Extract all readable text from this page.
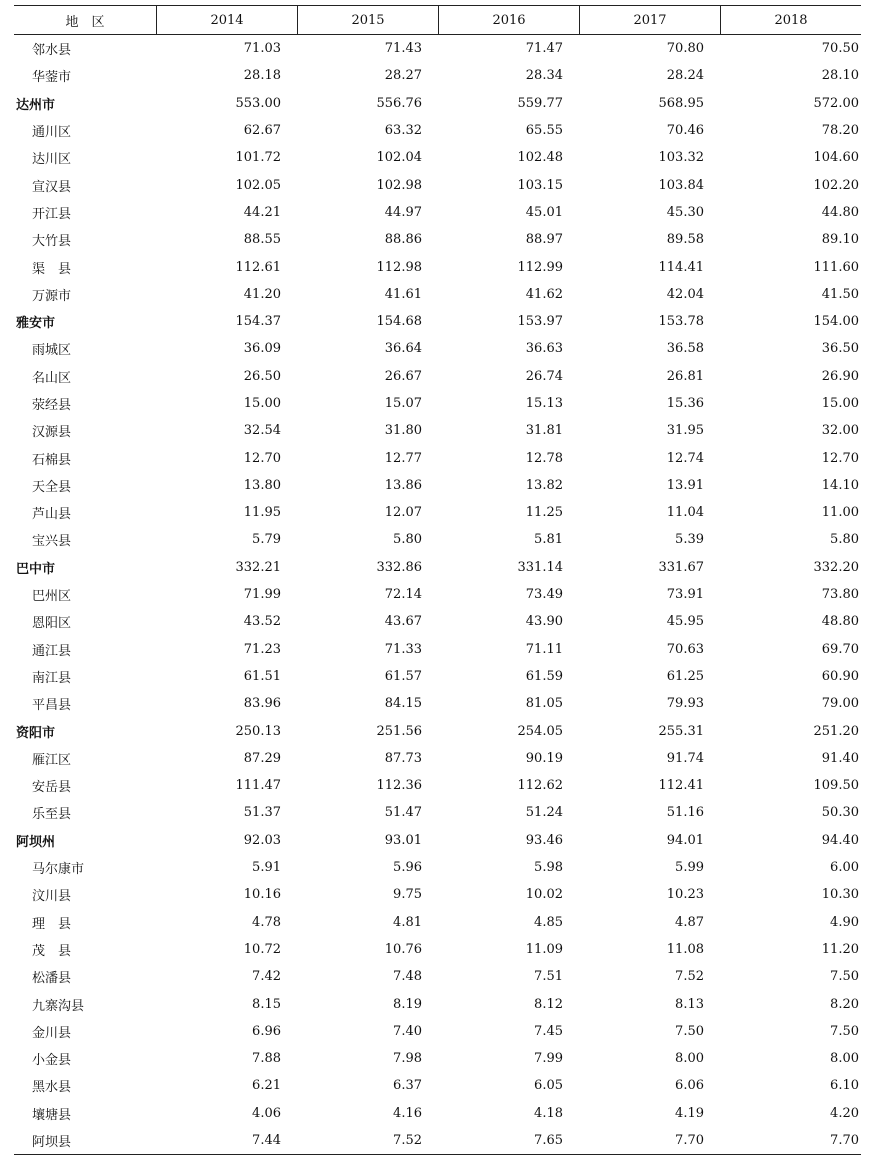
地　区	2014	2015	2016	2017	2018
邻水县	71.03	71.43	71.47	70.80	70.50
华蓥市	28.18	28.27	28.34	28.24	28.10
达州市	553.00	556.76	559.77	568.95	572.00
通川区	62.67	63.32	65.55	70.46	78.20
达川区	101.72	102.04	102.48	103.32	104.60
宣汉县	102.05	102.98	103.15	103.84	102.20
开江县	44.21	44.97	45.01	45.30	44.80
大竹县	88.55	88.86	88.97	89.58	89.10
渠　县	112.61	112.98	112.99	114.41	111.60
万源市	41.20	41.61	41.62	42.04	41.50
雅安市	154.37	154.68	153.97	153.78	154.00
雨城区	36.09	36.64	36.63	36.58	36.50
名山区	26.50	26.67	26.74	26.81	26.90
荥经县	15.00	15.07	15.13	15.36	15.00
汉源县	32.54	31.80	31.81	31.95	32.00
石棉县	12.70	12.77	12.78	12.74	12.70
天全县	13.80	13.86	13.82	13.91	14.10
芦山县	11.95	12.07	11.25	11.04	11.00
宝兴县	5.79	5.80	5.81	5.39	5.80
巴中市	332.21	332.86	331.14	331.67	332.20
巴州区	71.99	72.14	73.49	73.91	73.80
恩阳区	43.52	43.67	43.90	45.95	48.80
通江县	71.23	71.33	71.11	70.63	69.70
南江县	61.51	61.57	61.59	61.25	60.90
平昌县	83.96	84.15	81.05	79.93	79.00
资阳市	250.13	251.56	254.05	255.31	251.20
雁江区	87.29	87.73	90.19	91.74	91.40
安岳县	111.47	112.36	112.62	112.41	109.50
乐至县	51.37	51.47	51.24	51.16	50.30
阿坝州	92.03	93.01	93.46	94.01	94.40
马尔康市	5.91	5.96	5.98	5.99	6.00
汶川县	10.16	9.75	10.02	10.23	10.30
理　县	4.78	4.81	4.85	4.87	4.90
茂　县	10.72	10.76	11.09	11.08	11.20
松潘县	7.42	7.48	7.51	7.52	7.50
九寨沟县	8.15	8.19	8.12	8.13	8.20
金川县	6.96	7.40	7.45	7.50	7.50
小金县	7.88	7.98	7.99	8.00	8.00
黑水县	6.21	6.37	6.05	6.06	6.10
壤塘县	4.06	4.16	4.18	4.19	4.20
阿坝县	7.44	7.52	7.65	7.70	7.70
